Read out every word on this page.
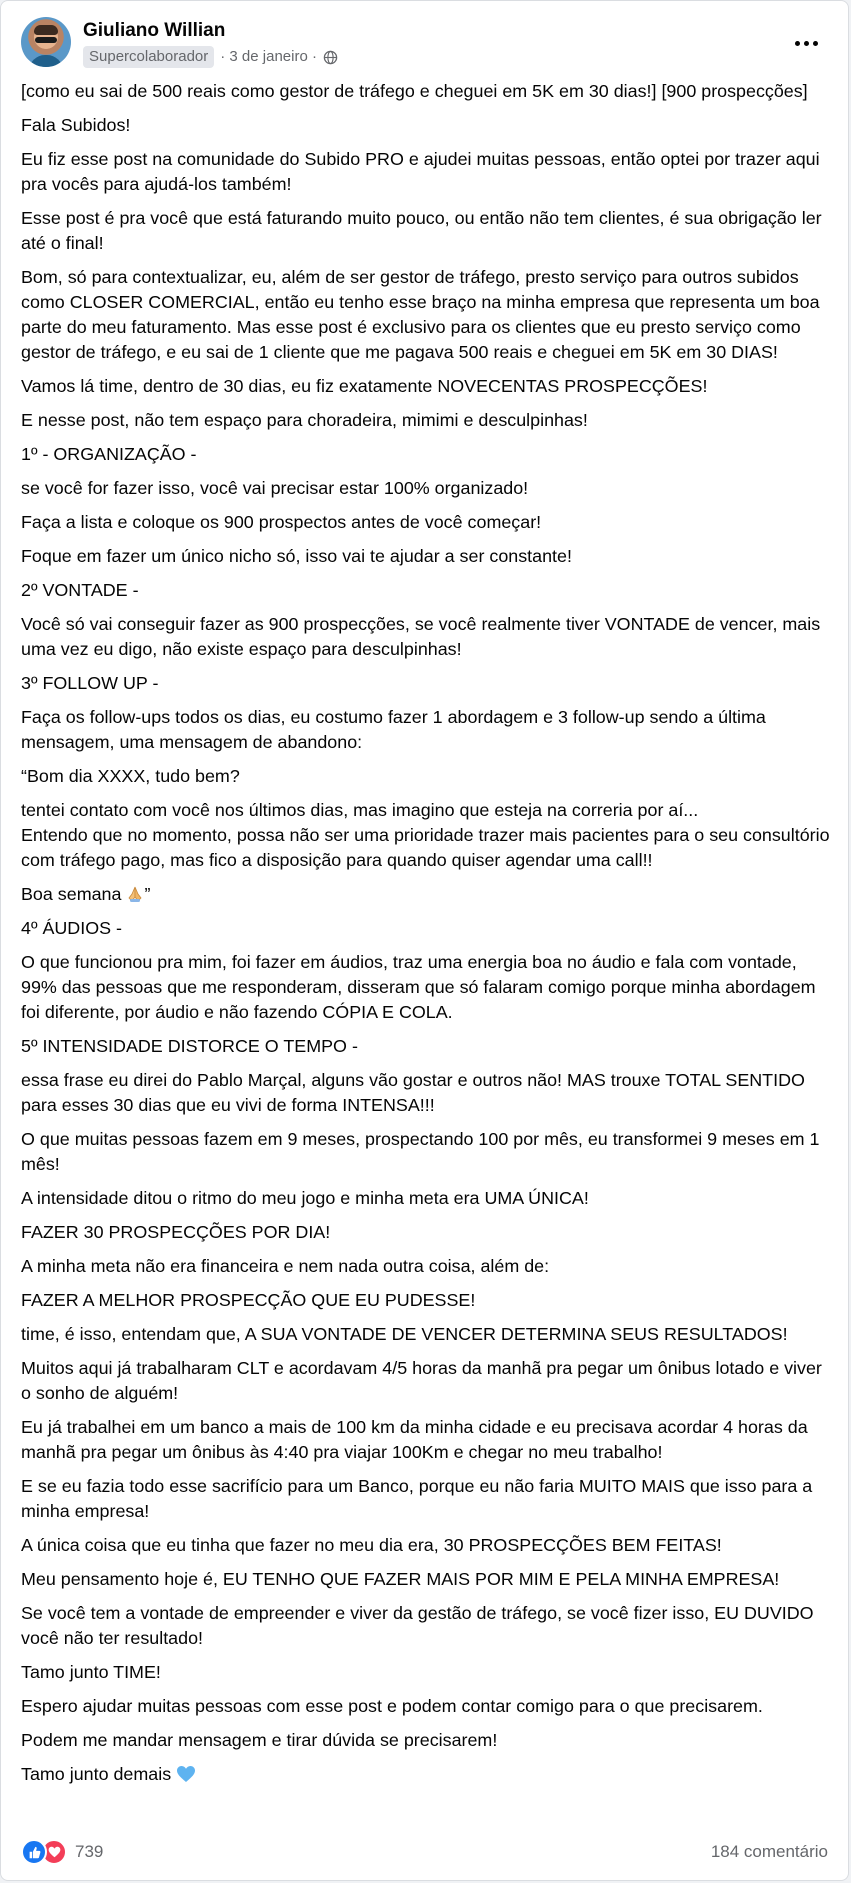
Giuliano Willian
Supercolaborador · 3 de janeiro ·

[como eu sai de 500 reais como gestor de tráfego e cheguei em 5K em 30 dias!] [900 prospecções]

Fala Subidos!

Eu fiz esse post na comunidade do Subido PRO e ajudei muitas pessoas, então optei por trazer aqui pra vocês para ajudá-los também!

Esse post é pra você que está faturando muito pouco, ou então não tem clientes, é sua obrigação ler até o final!

Bom, só para contextualizar, eu, além de ser gestor de tráfego, presto serviço para outros subidos como CLOSER COMERCIAL, então eu tenho esse braço na minha empresa que representa um boa parte do meu faturamento. Mas esse post é exclusivo para os clientes que eu presto serviço como gestor de tráfego, e eu sai de 1 cliente que me pagava 500 reais e cheguei em 5K em 30 DIAS!

Vamos lá time, dentro de 30 dias, eu fiz exatamente NOVECENTAS PROSPECÇÕES!

E nesse post, não tem espaço para choradeira, mimimi e desculpinhas!

1º - ORGANIZAÇÃO -

se você for fazer isso, você vai precisar estar 100% organizado!

Faça a lista e coloque os 900 prospectos antes de você começar!

Foque em fazer um único nicho só, isso vai te ajudar a ser constante!

2º VONTADE -

Você só vai conseguir fazer as 900 prospecções, se você realmente tiver VONTADE de vencer, mais uma vez eu digo, não existe espaço para desculpinhas!

3º FOLLOW UP -

Faça os follow-ups todos os dias, eu costumo fazer 1 abordagem e 3 follow-up sendo a última mensagem, uma mensagem de abandono:

“Bom dia XXXX, tudo bem?

tentei contato com você nos últimos dias, mas imagino que esteja na correria por aí...
Entendo que no momento, possa não ser uma prioridade trazer mais pacientes para o seu consultório com tráfego pago, mas fico a disposição para quando quiser agendar uma call!!

Boa semana ”

4º ÁUDIOS -

O que funcionou pra mim, foi fazer em áudios, traz uma energia boa no áudio e fala com vontade, 99% das pessoas que me responderam, disseram que só falaram comigo porque minha abordagem foi diferente, por áudio e não fazendo CÓPIA E COLA.

5º INTENSIDADE DISTORCE O TEMPO -

essa frase eu direi do Pablo Marçal, alguns vão gostar e outros não! MAS trouxe TOTAL SENTIDO para esses 30 dias que eu vivi de forma INTENSA!!!

O que muitas pessoas fazem em 9 meses, prospectando 100 por mês, eu transformei 9 meses em 1 mês!

A intensidade ditou o ritmo do meu jogo e minha meta era UMA ÚNICA!

FAZER 30 PROSPECÇÕES POR DIA!

A minha meta não era financeira e nem nada outra coisa, além de:

FAZER A MELHOR PROSPECÇÃO QUE EU PUDESSE!

time, é isso, entendam que, A SUA VONTADE DE VENCER DETERMINA SEUS RESULTADOS!

Muitos aqui já trabalharam CLT e acordavam 4/5 horas da manhã pra pegar um ônibus lotado e viver o sonho de alguém!

Eu já trabalhei em um banco a mais de 100 km da minha cidade e eu precisava acordar 4 horas da manhã pra pegar um ônibus às 4:40 pra viajar 100Km e chegar no meu trabalho!

E se eu fazia todo esse sacrifício para um Banco, porque eu não faria MUITO MAIS que isso para a minha empresa!

A única coisa que eu tinha que fazer no meu dia era, 30 PROSPECÇÕES BEM FEITAS!

Meu pensamento hoje é, EU TENHO QUE FAZER MAIS POR MIM E PELA MINHA EMPRESA!

Se você tem a vontade de empreender e viver da gestão de tráfego, se você fizer isso, EU DUVIDO você não ter resultado!

Tamo junto TIME!

Espero ajudar muitas pessoas com esse post e podem contar comigo para o que precisarem.

Podem me mandar mensagem e tirar dúvida se precisarem!

Tamo junto demais

739	184 comentário
